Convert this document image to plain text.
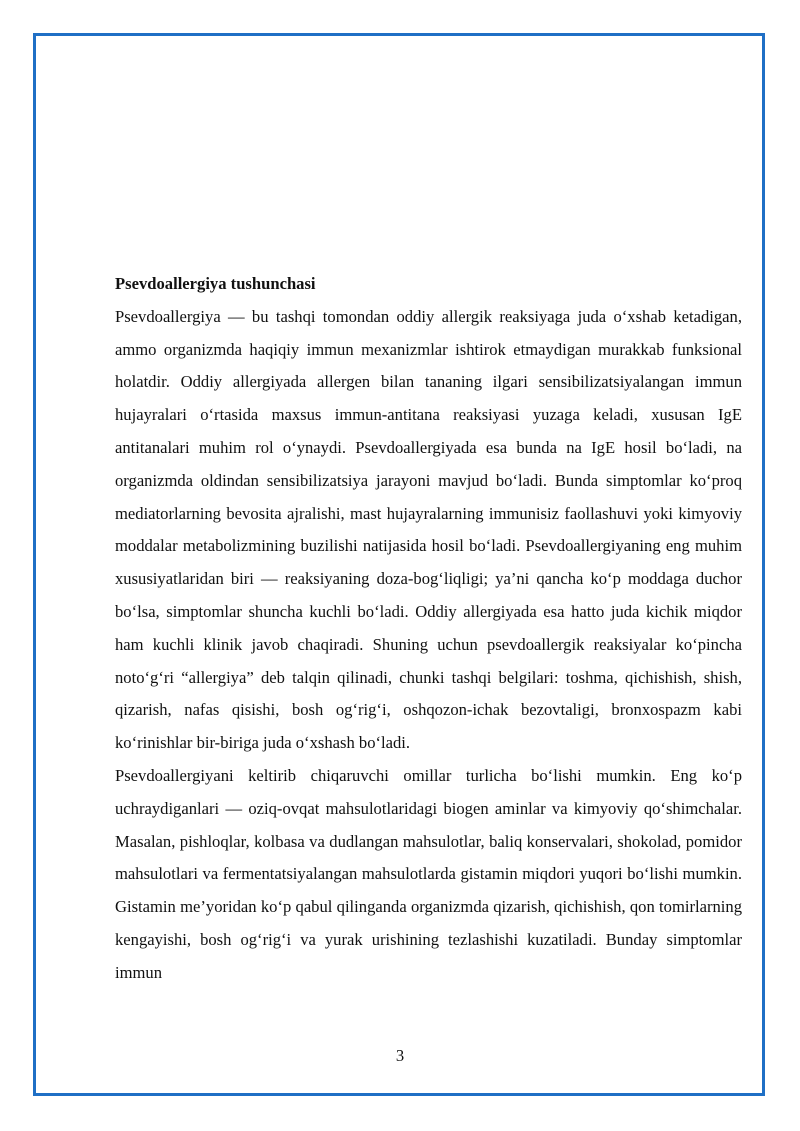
Psevdoallergiya tushunchasi

Psevdoallergiya — bu tashqi tomondan oddiy allergik reaksiyaga juda o‘xshab ketadigan, ammo organizmda haqiqiy immun mexanizmlar ishtirok etmaydigan murakkab funksional holatdir. Oddiy allergiyada allergen bilan tananing ilgari sensibilizatsiyalangan immun hujayralari o‘rtasida maxsus immun-antitana reaksiyasi yuzaga keladi, xususan IgE antitanalari muhim rol o‘ynaydi. Psevdoallergiyada esa bunda na IgE hosil bo‘ladi, na organizmda oldindan sensibilizatsiya jarayoni mavjud bo‘ladi. Bunda simptomlar ko‘proq mediatorlarning bevosita ajralishi, mast hujayralarning immunisiz faollashuvi yoki kimyoviy moddalar metabolizmining buzilishi natijasida hosil bo‘ladi. Psevdoallergiyaning eng muhim xususiyatlaridan biri — reaksiyaning doza-bog‘liqligi; ya’ni qancha ko‘p moddaga duchor bo‘lsa, simptomlar shuncha kuchli bo‘ladi. Oddiy allergiyada esa hatto juda kichik miqdor ham kuchli klinik javob chaqiradi. Shuning uchun psevdoallergik reaksiyalar ko‘pincha noto‘g‘ri “allergiya” deb talqin qilinadi, chunki tashqi belgilari: toshma, qichishish, shish, qizarish, nafas qisishi, bosh og‘rig‘i, oshqozon-ichak bezovtaligi, bronxospazm kabi ko‘rinishlar bir-biriga juda o‘xshash bo‘ladi.

Psevdoallergiyani keltirib chiqaruvchi omillar turlicha bo‘lishi mumkin. Eng ko‘p uchraydiganlari — oziq-ovqat mahsulotlaridagi biogen aminlar va kimyoviy qo‘shimchalar. Masalan, pishloqlar, kolbasa va dudlangan mahsulotlar, baliq konservalari, shokolad, pomidor mahsulotlari va fermentatsiyalangan mahsulotlarda gistamin miqdori yuqori bo‘lishi mumkin. Gistamin me’yoridan ko‘p qabul qilinganda organizmda qizarish, qichishish, qon tomirlarning kengayishi, bosh og‘rig‘i va yurak urishining tezlashishi kuzatiladi. Bunday simptomlar immun

3
